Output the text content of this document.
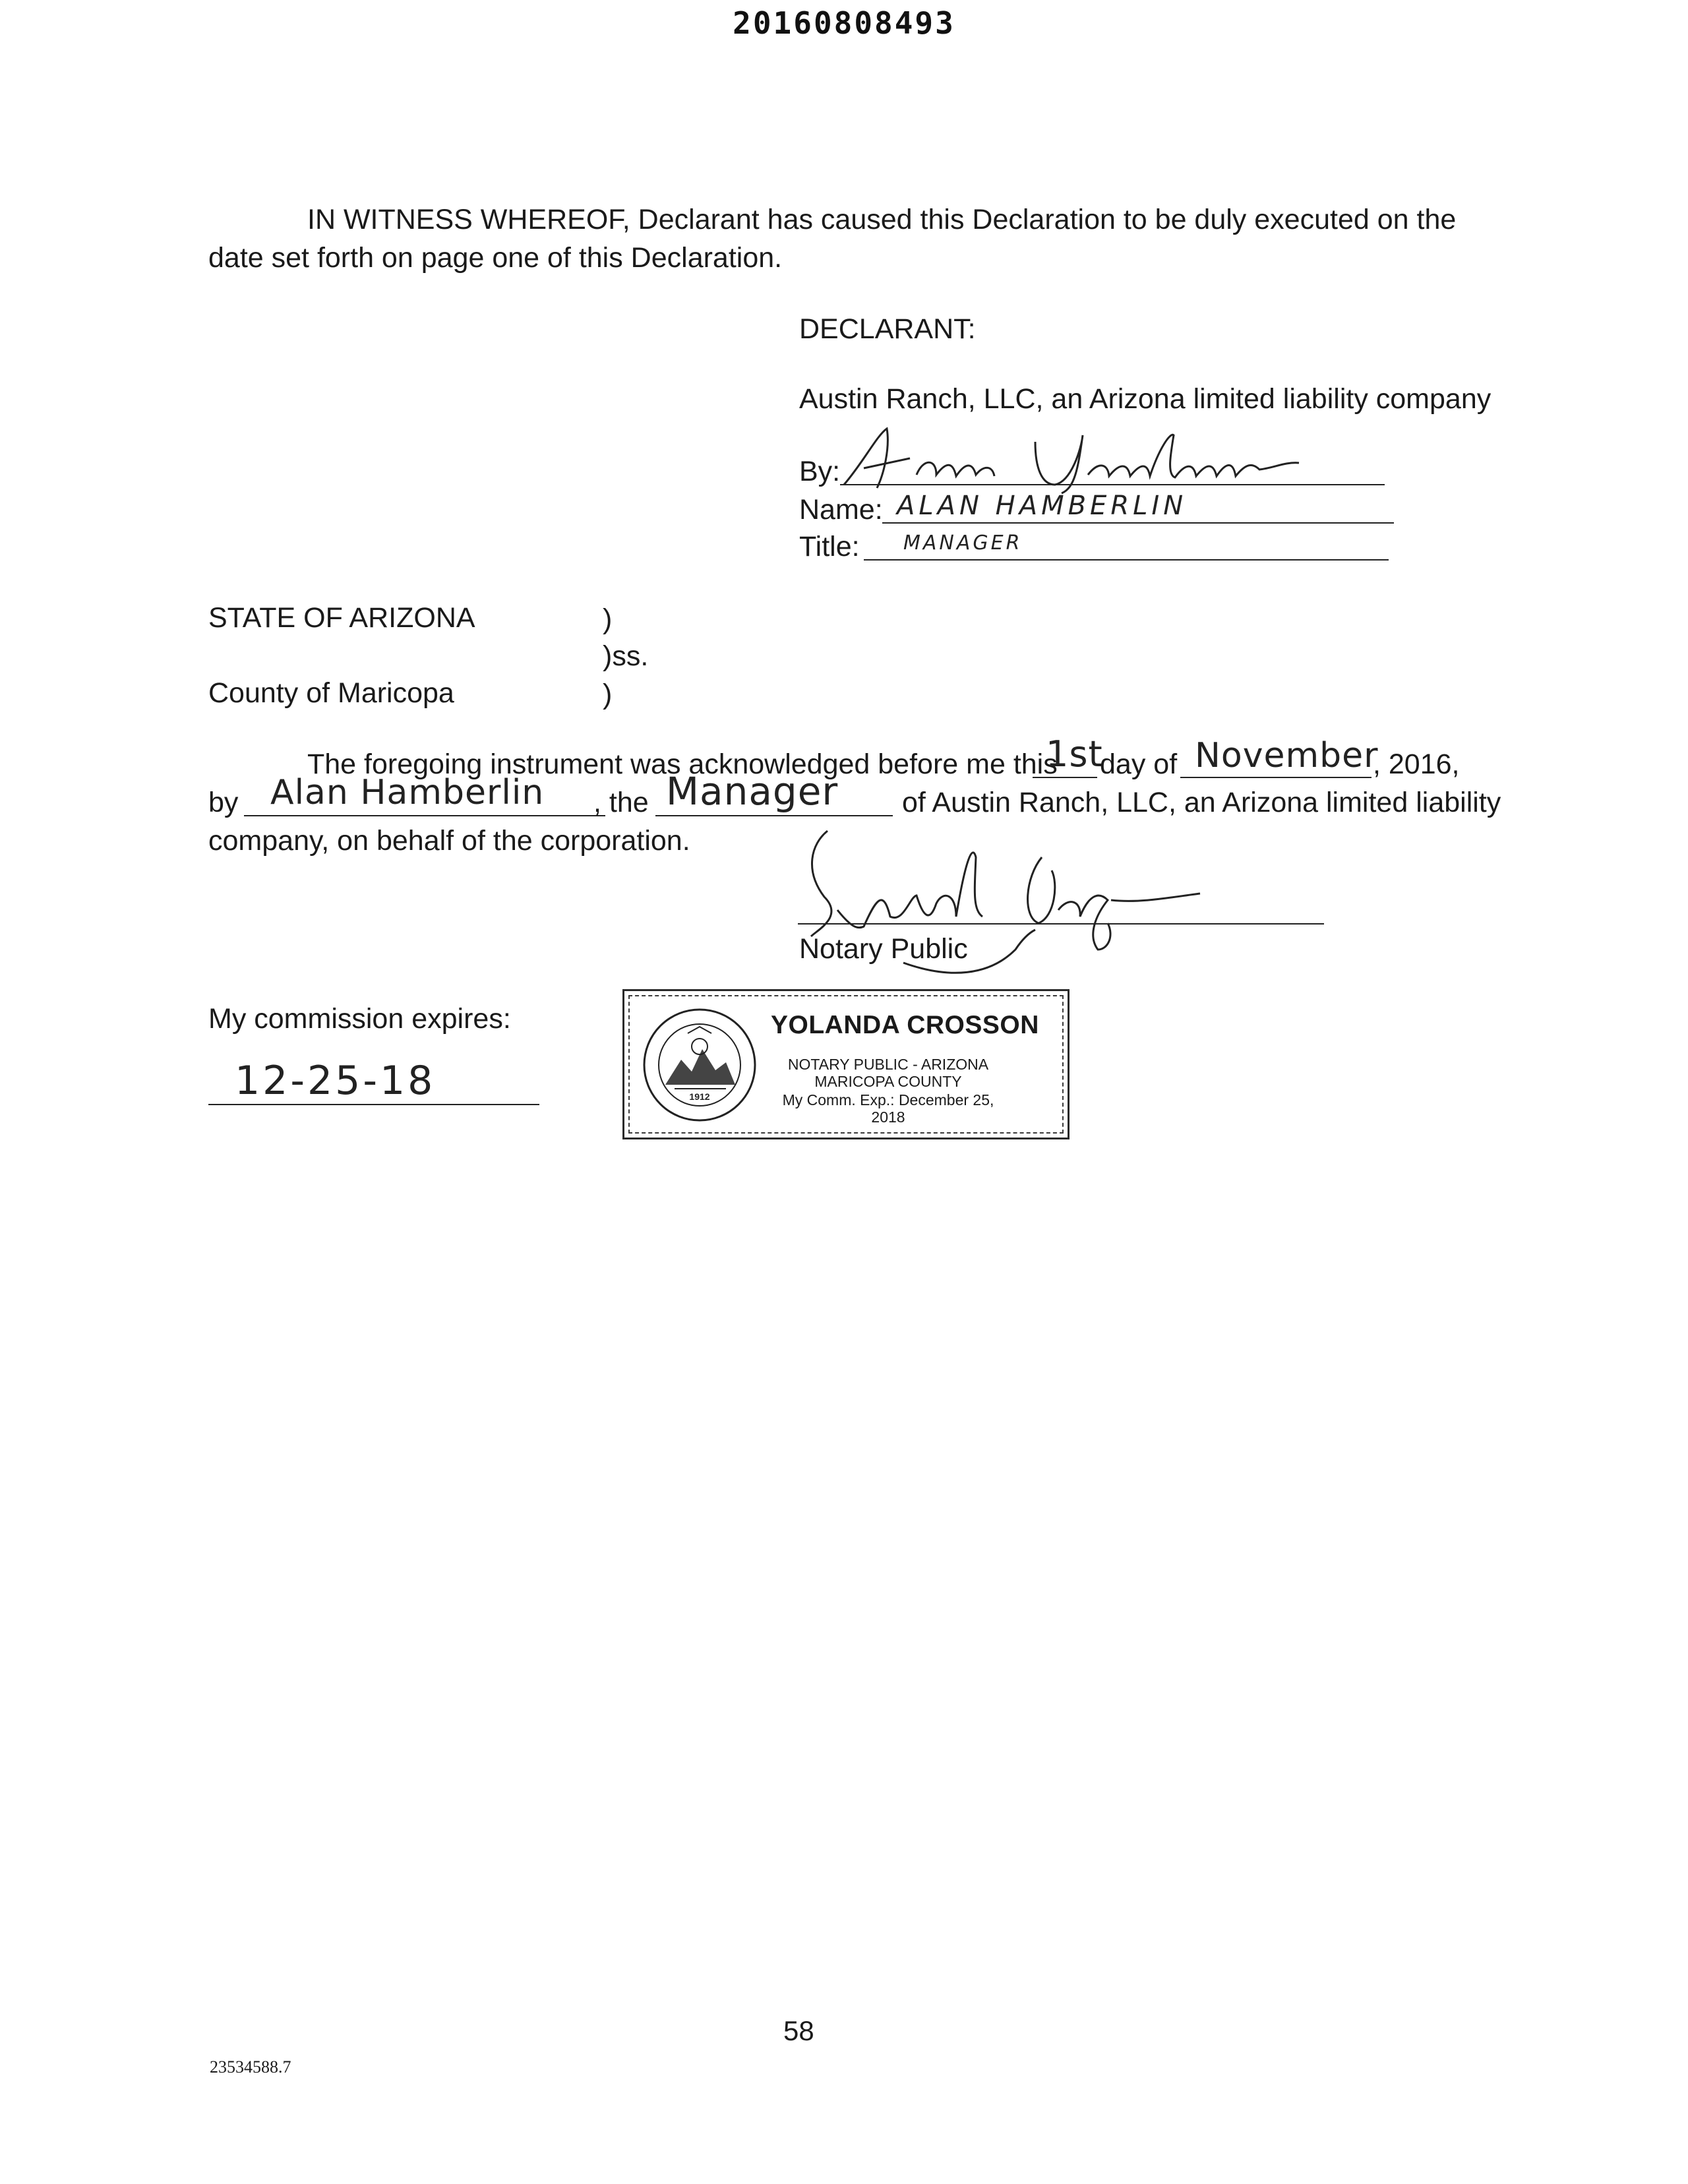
20160808493
IN WITNESS WHEREOF, Declarant has caused this Declaration to be duly executed on the date set forth on page one of this Declaration.
DECLARANT:
Austin Ranch, LLC, an Arizona limited liability company
By:
Name: ALAN HAMBERLIN
Title: MANAGER
STATE OF ARIZONA	)
)ss.
County of Maricopa	)
The foregoing instrument was acknowledged before me this
1st
day of November
, 2016,
by Alan Hamberlin , the Manager of Austin Ranch, LLC, an Arizona limited liability
company, on behalf of the corporation.
Notary Public
My commission expires:
12-25-18	1912
YOLANDA CROSSON
NOTARY PUBLIC - ARIZONA
MARICOPA COUNTY
My Comm. Exp.: December 25, 2018
58
23534588.7
